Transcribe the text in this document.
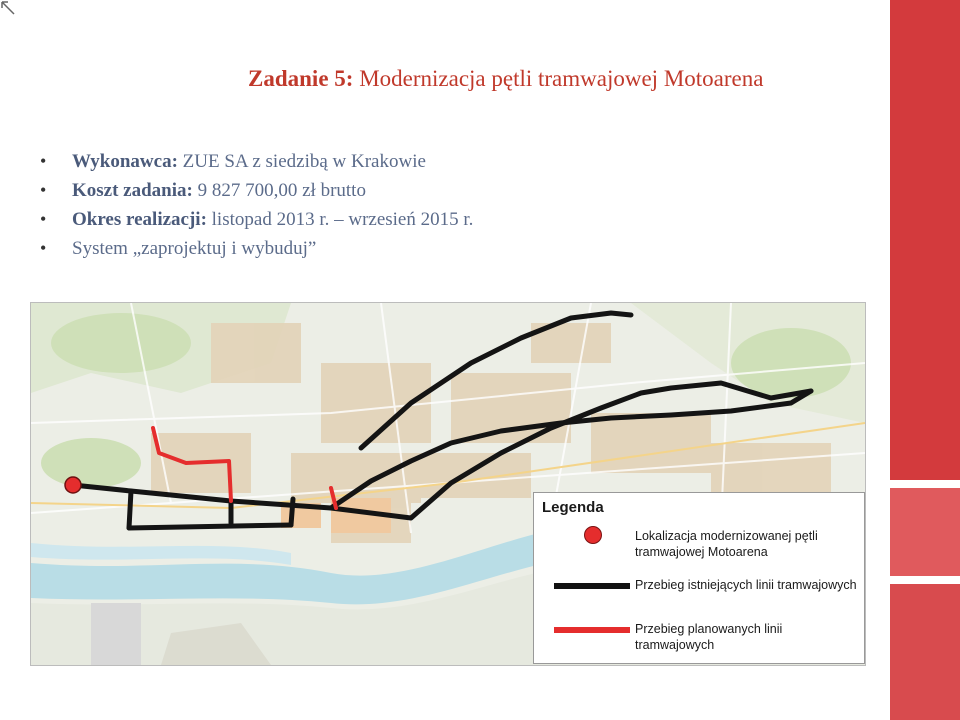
Zadanie 5: Modernizacja pętli tramwajowej Motoarena
• Wykonawca: ZUE SA z siedzibą w Krakowie
• Koszt zadania: 9 827 700,00 zł brutto
• Okres realizacji: listopad 2013 r. – wrzesień 2015 r.
• System „zaprojektuj i wybuduj”
Legenda
Lokalizacja modernizowanej pętli tramwajowej Motoarena
Przebieg istniejących linii tramwajowych
Przebieg planowanych linii tramwajowych
